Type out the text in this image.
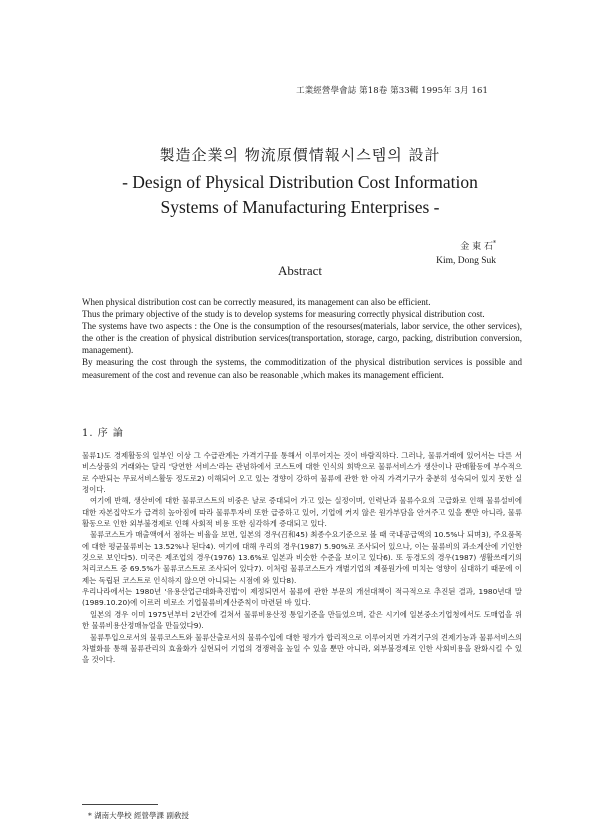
工業經營學會誌 第18卷 第33輯 1995年 3月 161

製造企業의 物流原價情報시스템의 設計

- Design of Physical Distribution Cost Information

Systems of Manufacturing Enterprises -

金 東 石*
Kim, Dong Suk
Abstract

When physical distribution cost can be correctly measured, its management can also be efficient.

Thus the primary objective of the study is to develop systems for measuring correctly physical distribution cost.

The systems have two aspects : the One is the consumption of the resourses(materials, labor service, the other services), the other is the creation of physical distribution services(transportation, storage, cargo, packing, distribution conversion, management).

By measuring the cost through the systems, the commoditization of the physical distribution services is possible and measurement of the cost and revenue can also be reasonable ,which makes its management efficient.

1. 序 論

물류1)도 경제활동의 일부인 이상 그 수급관계는 가격기구를 통해서 이루어지는 것이 바람직하다. 그러나, 물류거래에 있어서는 다른 서비스상품의 거래와는 달리 '당연한 서비스'라는 관념하에서 코스트에 대한 인식의 희박으로 물류서비스가 생산이나 판매활동에 부수적으로 수반되는 무료서비스활동 정도로2) 이해되어 오고 있는 경향이 강하여 물류에 관한 한 아직 가격기구가 충분히 성숙되어 있지 못한 실정이다.

여기에 반해, 생산비에 대한 물류코스트의 비중은 날로 증대되어 가고 있는 실정이며, 인력난과 물류수요의 고급화로 인해 물류설비에 대한 자본집약도가 급격히 높아짐에 따라 물류투자비 또한 급증하고 있어, 기업에 커지 않은 원가부담을 안겨주고 있을 뿐만 아니라, 물류활동으로 인한 외부불경제로 인해 사회적 비용 또한 심각하게 증대되고 있다.

물류코스트가 매출액에서 점하는 비율을 보면, 일본의 경우(召和45) 최종수요기준으로 볼 때 국내공급액의 10.5%나 되며3), 주요품목에 대한 평균물류비는 13.52%나 된다4). 여기에 대해 우리의 경우(1987) 5.90%로 조사되어 있으나, 이는 물류비의 과소계산에 기인한 것으로 보인다5). 미국은 제조업의 경우(1976) 13.6%로 일본과 비슷한 수준을 보이고 있다6). 또 동경도의 경우(1987) 생활쓰레기의 처리코스트 중 69.5%가 물류코스트로 조사되어 있다7). 이처럼 물류코스트가 개별기업의 제품원가에 미치는 영향이 심대하기 때문에 이제는 독립된 코스트로 인식하지 않으면 아니되는 시점에 와 있다8).

우리나라에서는 1980년 '유용산업근대화촉진법'이 제정되면서 물류에 관한 부문의 개선대책이 적극적으로 추진된 결과, 1980년대 말(1989.10.20)에 이르러 비로소 기업물류비계산준칙이 마련된 바 있다.

일본의 경우 이미 1975년부터 2년간에 걸쳐서 물류비용산정 통일기준을 만들었으며, 같은 시기에 일본중소기업청에서도 도매업을 위한 물류비용산정매뉴얼을 만들었다9).

물류투입으로서의 물류코스트와 물류산출로서의 물류수입에 대한 평가가 합리적으로 이루어지면 가격기구의 견제기능과 물류서비스의 차별화를 통해 물류관리의 효율화가 실현되어 기업의 경쟁력을 높일 수 있을 뿐만 아니라, 외부불경제로 인한 사회비용을 완화시킬 수 있을 것이다.

* 湖南大學校 經營學課 副敎授
